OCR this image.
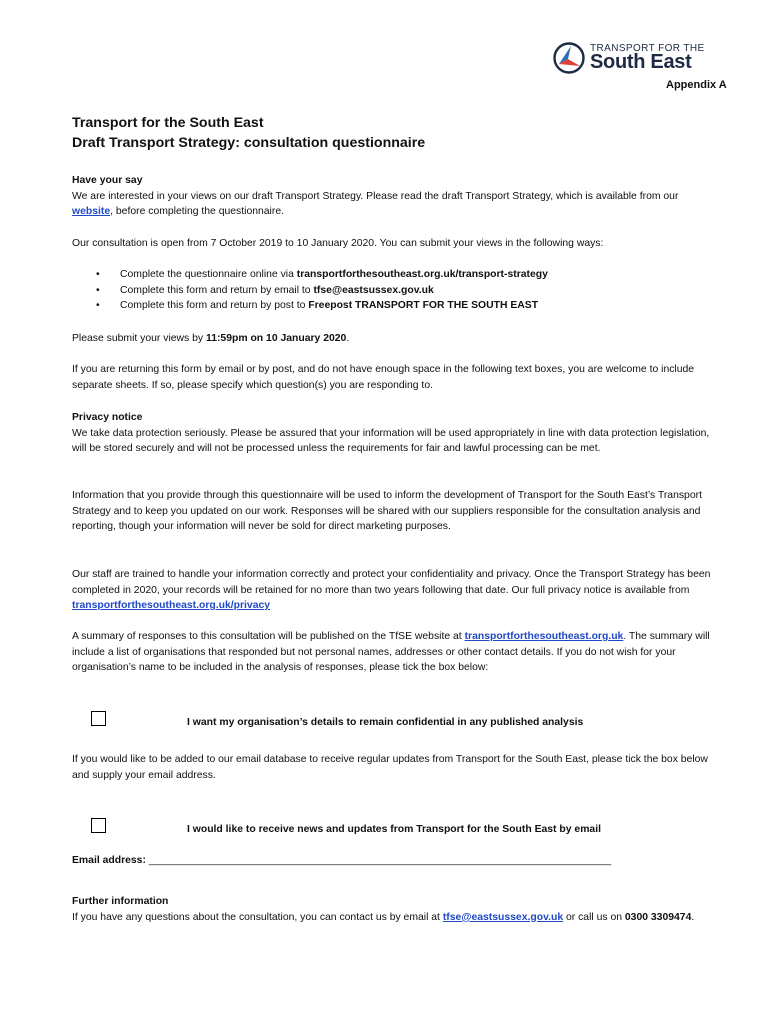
TRANSPORT FOR THE
South East
Appendix A
Transport for the South East
Draft Transport Strategy: consultation questionnaire

Have your say

We are interested in your views on our draft Transport Strategy. Please read the draft Transport Strategy, which is available from our website, before completing the questionnaire.

Our consultation is open from 7 October 2019 to 10 January 2020. You can submit your views in the following ways:
• Complete the questionnaire online via transportforthesoutheast.org.uk/transport-strategy
• Complete this form and return by email to tfse@eastsussex.gov.uk
• Complete this form and return by post to Freepost TRANSPORT FOR THE SOUTH EAST
Please submit your views by 11:59pm on 10 January 2020.
If you are returning this form by email or by post, and do not have enough space in the following text boxes, you are welcome to include separate sheets. If so, please specify which question(s) you are responding to.

Privacy notice

We take data protection seriously. Please be assured that your information will be used appropriately in line with data protection legislation, will be stored securely and will not be processed unless the requirements for fair and lawful processing can be met.

Information that you provide through this questionnaire will be used to inform the development of Transport for the South East’s Transport Strategy and to keep you updated on our work. Responses will be shared with our suppliers responsible for the consultation analysis and reporting, though your information will never be sold for direct marketing purposes.
Our staff are trained to handle your information correctly and protect your confidentiality and privacy. Once the Transport Strategy has been completed in 2020, your records will be retained for no more than two years following that date. Our full privacy notice is available from transportforthesoutheast.org.uk/privacy
A summary of responses to this consultation will be published on the TfSE website at transportforthesoutheast.org.uk. The summary will include a list of organisations that responded but not personal names, addresses or other contact details. If you do not wish for your organisation’s name to be included in the analysis of responses, please tick the box below:
I want my organisation’s details to remain confidential in any published analysis
If you would like to be added to our email database to receive regular updates from Transport for the South East, please tick the box below and supply your email address.
I would like to receive news and updates from Transport for the South East by email
Email address: ________________________________________________________________________________

Further information

If you have any questions about the consultation, you can contact us by email at tfse@eastsussex.gov.uk or call us on 0300 3309474.
